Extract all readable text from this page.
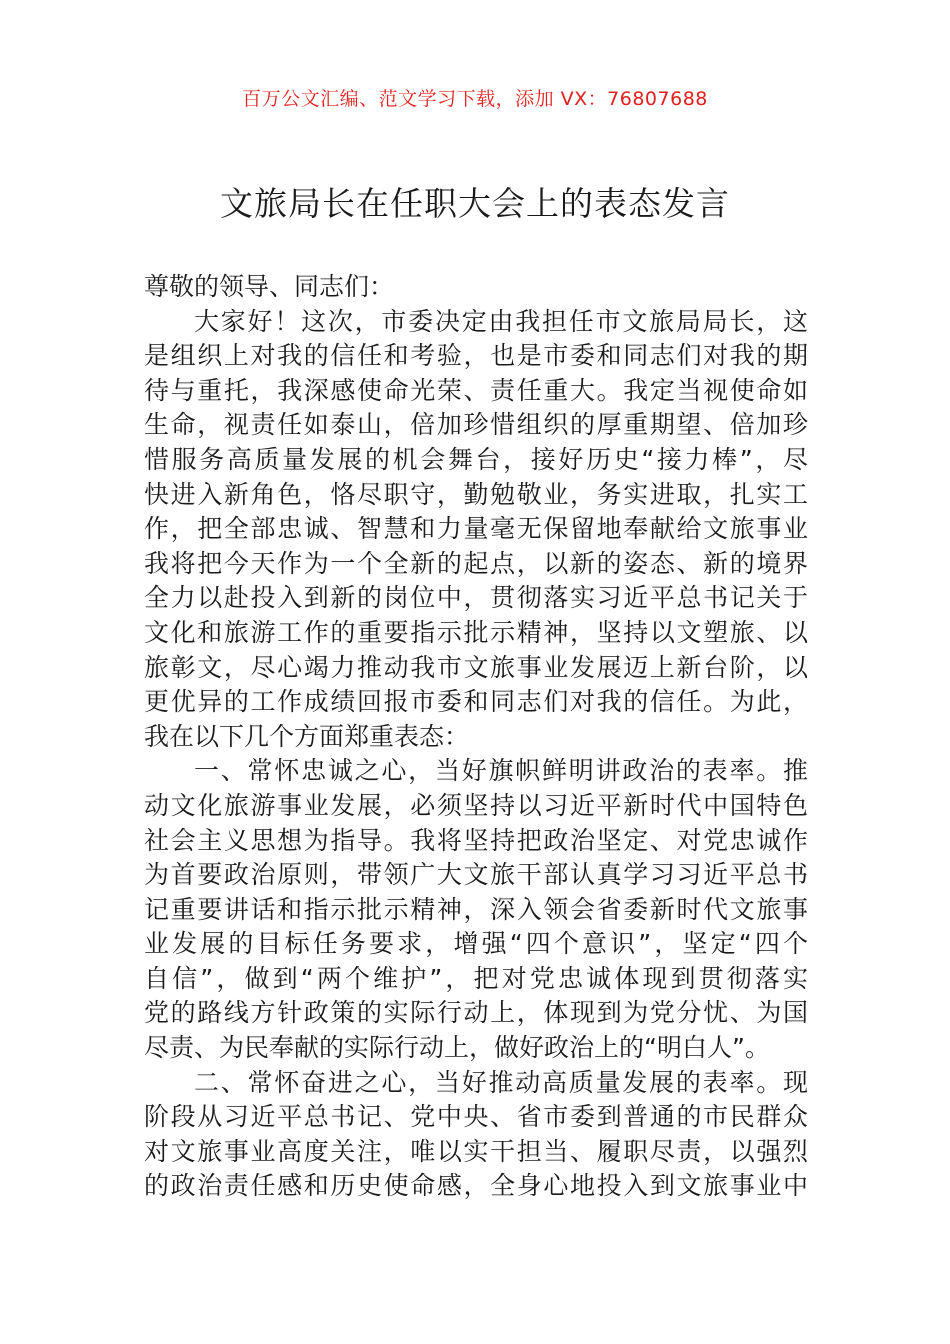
百万公文汇编、范文学习下载，添加 VX：76807688
文旅局长在任职大会上的表态发言
尊敬的领导、同志们：
大家好！这次，市委决定由我担任市文旅局局长，这
是组织上对我的信任和考验，也是市委和同志们对我的期
待与重托，我深感使命光荣、责任重大。我定当视使命如
生命，视责任如泰山，倍加珍惜组织的厚重期望、倍加珍
惜服务高质量发展的机会舞台，接好历史“接力棒”，尽
快进入新角色，恪尽职守，勤勉敬业，务实进取，扎实工
作，把全部忠诚、智慧和力量毫无保留地奉献给文旅事业
我将把今天作为一个全新的起点，以新的姿态、新的境界
全力以赴投入到新的岗位中，贯彻落实习近平总书记关于
文化和旅游工作的重要指示批示精神，坚持以文塑旅、以
旅彰文，尽心竭力推动我市文旅事业发展迈上新台阶，以
更优异的工作成绩回报市委和同志们对我的信任。为此，
我在以下几个方面郑重表态：
一、常怀忠诚之心，当好旗帜鲜明讲政治的表率。推
动文化旅游事业发展，必须坚持以习近平新时代中国特色
社会主义思想为指导。我将坚持把政治坚定、对党忠诚作
为首要政治原则，带领广大文旅干部认真学习习近平总书
记重要讲话和指示批示精神，深入领会省委新时代文旅事
业发展的目标任务要求，增强“四个意识”，坚定“四个
自信”，做到“两个维护”，把对党忠诚体现到贯彻落实
党的路线方针政策的实际行动上，体现到为党分忧、为国
尽责、为民奉献的实际行动上，做好政治上的“明白人”。
二、常怀奋进之心，当好推动高质量发展的表率。现
阶段从习近平总书记、党中央、省市委到普通的市民群众
对文旅事业高度关注，唯以实干担当、履职尽责，以强烈
的政治责任感和历史使命感，全身心地投入到文旅事业中
